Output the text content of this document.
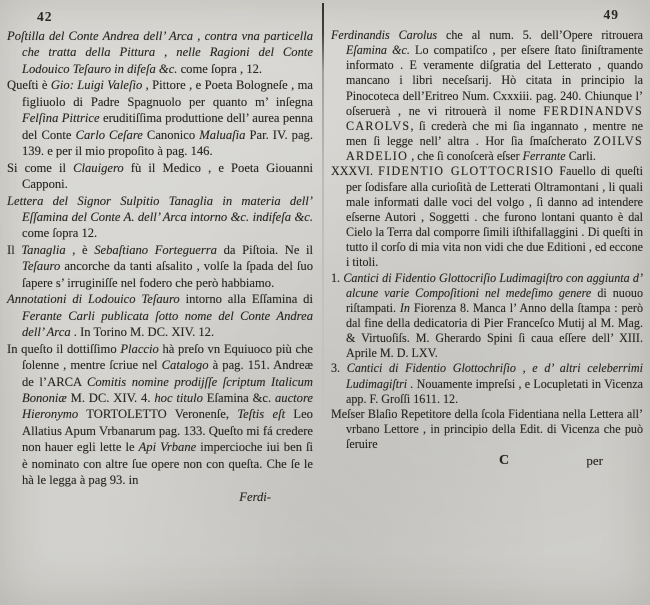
42

Poſtilla del Conte Andrea dell’ Arca , contra vna particella che tratta della Pittura , nelle Ragioni del Conte Lodouico Teſauro in difeſa &c. come ſopra , 12.

Queſti è Gio: Luigi Valeſio , Pittore , e Poeta Bologneſe , ma figliuolo di Padre Spagnuolo per quanto m’ inſegna Felſina Pittrice eruditiſſima produttione dell’ aurea penna del Conte Carlo Ceſare Canonico Maluaſia Par. IV. pag. 139. e per il mio propoſito à pag. 146.

Si come il Clauigero fù il Medico , e Poeta Giouanni Capponi.

Lettera del Signor Sulpitio Tanaglia in materia dell’ Eſſamina del Conte A. dell’ Arca intorno &c. indifeſa &c. come ſopra 12.

Il Tanaglia , è Sebaſtiano Forteguerra da Piſtoia. Ne il Teſauro ancorche da tanti aſsalito , volſe la ſpada del ſuo ſapere s’ irruginiſſe nel fodero che però habbiamo.

Annotationi di Lodouico Teſauro intorno alla Eſſamina di Ferante Carli publicata ſotto nome del Conte Andrea dell’ Arca . In Torino M. DC. XIV. 12.

In queſto il dottiſſimo Placcio hà preſo vn Equiuoco più che ſolenne , mentre ſcriue nel Catalogo à pag. 151. Andreæ de l’ARCA Comitis nomine prodijſſe ſcriptum Italicum Bononiæ M. DC. XIV. 4. hoc titulo Eſamina &c. auctore Hieronymo TORTOLETTO Veronenſe, Teſtis eſt Leo Allatius Apum Vrbanarum pag. 133. Queſto mi fá credere non hauer egli lette le Api Vrbane impercioche iui ben ſi è nominato con altre ſue opere non con queſta. Che ſe le hà le legga à pag 93. in

Ferdi-

49

Ferdinandis Carolus che al num. 5. dell’Opere ritrouera Eſamina &c. Lo compatiſco , per eſsere ſtato ſiniſtramente informato . E veramente diſgratia del Letterato , quando mancano i libri neceſsarij. Hò citata in principio la Pinocoteca dell’Eritreo Num. Cxxxiii. pag. 240. Chiunque l’ oſseruerà , ne vi ritrouerà il nome FERDINANDVS CAROLVS, ſi crederà che mi ſia ingannato , mentre ne men ſi legge nell’ altra . Hor ſia ſmaſcherato ZOILVS ARDELIO , che ſi conoſcerà eſser Ferrante Carli.

XXXVI. FIDENTIO GLOTTOCRISIO Fauello di queſti per ſodisfare alla curioſità de Letterati Oltramontani , li quali male informati dalle voci del volgo , ſi danno ad intendere eſserne Autori , Soggetti . che furono lontani quanto è dal Cielo la Terra dal comporre ſimili iſthifallaggini . Di queſti in tutto il corſo di mia vita non vidi che due Editioni , ed eccone i titoli.

1. Cantici di Fidentio Glottocriſio Ludimagiſtro con aggiunta d’ alcune varie Compoſitioni nel medeſimo genere di nuouo riſtampati. In Fiorenza 8. Manca l’ Anno della ſtampa : però dal fine della dedicatoria di Pier Franceſco Mutij al M. Mag. & Virtuoſiſs. M. Gherardo Spini ſi caua eſſere dell’ XIII. Aprile M. D. LXV.

3. Cantici di Fidentio Glottochriſio , e d’ altri celeberrimi Ludimagiſtri . Nouamente impreſsi , e Locupletati in Vicenza app. F. Groſſi 1611. 12.

Meſser Blaſio Repetitore della ſcola Fidentiana nella Lettera all’ vrbano Lettore , in principio della Edit. di Vicenza che può ſeruire

C	per
